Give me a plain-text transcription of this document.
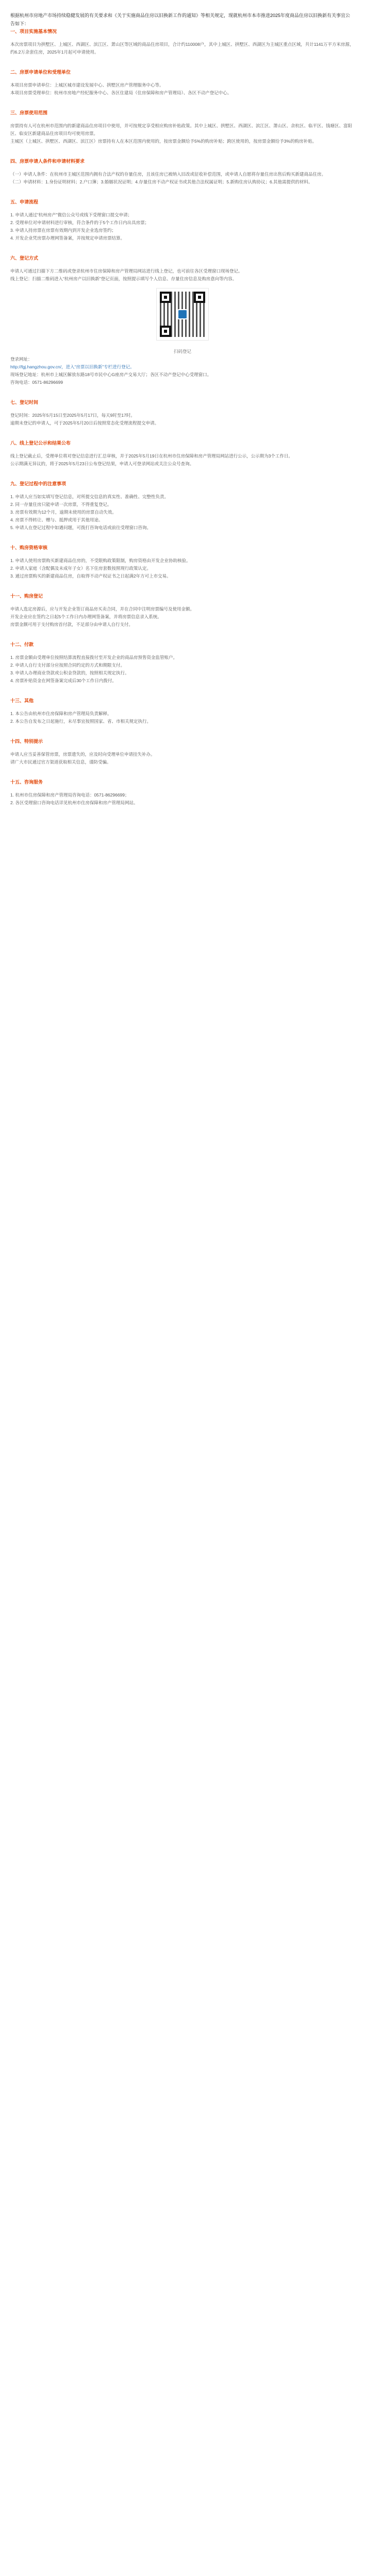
根据杭州市房地产市场持续稳健发展的有关要求和《关于实施商品住房以旧换新工作的通知》等相关规定，现就杭州市本市推进2025年度商品住房以旧换新有关事宜公告如下：

一、项目实施基本情况

本次房票项目为拱墅区、上城区、西湖区、滨江区、萧山区等区域的商品住房项目，合计约110008户，其中上城区、拱墅区、西湖区为主城区重点区域，共计1141万平方米房源，约6.2万余套住房，2025年1月起可申请使用。

二、房票申请单位和受理单位

本项目房票申请单位：上城区城市建设发展中心、拱墅区房产管理服务中心等。

本项目房票受理单位：杭州市房地产经纪服务中心、各区住建局（住房保障和房产管理局）、各区不动产登记中心。

三、房票使用范围

房票持有人可在杭州市范围内的新建商品住房项目中使用，并可按规定享受相应购房补贴政策。其中上城区、拱墅区、西湖区、滨江区、萧山区、余杭区、临平区、钱塘区、富阳区、临安区新建商品住房项目均可使用房票。

主城区（上城区、拱墅区、西湖区、滨江区）房票持有人在本区范围内使用的，按房票金额给予5%的购房补贴；跨区使用的，按房票金额给予3%的购房补贴。

四、房票申请人条件和申请材料要求

（一）申请人条件：在杭州市主城区范围内拥有合法产权的存量住房，且该住房已被纳入旧改或征收补偿范围，或申请人自愿将存量住房出售后购买新建商品住房。

（二）申请材料：1.身份证明材料；2.户口簿；3.婚姻状况证明；4.存量住房不动产权证书或其他合法权属证明；5.新购住房认购协议；6.其他需提供的材料。

五、申请流程

1. 申请人通过“杭州房产”微信公众号或线下受理窗口提交申请；

2. 受理单位对申请材料进行审核，符合条件的于5个工作日内出具房票；

3. 申请人持房票在房票有效期内到开发企业选房签约；

4. 开发企业凭房票办理网签备案，并按规定申请房票结算。

六、登记方式

申请人可通过扫描下方二维码或登录杭州市住房保障和房产管理局网站进行线上登记，也可前往各区受理窗口现场登记。

线上登记：扫描二维码进入“杭州房产以旧换新”登记页面，按照提示填写个人信息、存量住房信息及购房意向等内容。

扫码登记

登录网址：

http://fgj.hangzhou.gov.cn/，进入“房票以旧换新”专栏进行登记。

现场登记地址：杭州市上城区解放东路18号市民中心G座房产交易大厅；各区不动产登记中心受理窗口。

咨询电话：0571-86296699

七、登记时间

登记时间：2025年5月15日至2025年5月17日，每天9时至17时。

逾期未登记的申请人，可于2025年5月20日后按照常态化受理流程提交申请。

八、线上登记公示和结果公布

线上登记截止后，受理单位将对登记信息进行汇总审核，并于2025年5月19日在杭州市住房保障和房产管理局网站进行公示，公示期为3个工作日。

公示期满无异议的，将于2025年5月23日公布登记结果，申请人可登录网站或关注公众号查询。

九、登记过程中的注意事项

1. 申请人应当如实填写登记信息，对所提交信息的真实性、准确性、完整性负责。

2. 同一存量住房只能申请一次房票，不得重复登记。

3. 房票有效期为12个月，逾期未使用的房票自动失效。

4. 房票不得转让、赠与、抵押或用于其他用途。

5. 申请人在登记过程中如遇问题，可拨打咨询电话或前往受理窗口咨询。

十、购房资格审核

1. 申请人使用房票购买新建商品住房的，不受限购政策限制，购房资格由开发企业协助核验。

2. 申请人家庭（含配偶及未成年子女）名下住房套数按照现行政策认定。

3. 通过房票购买的新建商品住房，自取得不动产权证书之日起满2年方可上市交易。

十一、购房登记

申请人选定房源后，应与开发企业签订商品房买卖合同，并在合同中注明房票编号及使用金额。

开发企业应在签约之日起5个工作日内办理网签备案，并将房票信息录入系统。

房票金额可用于支付购房首付款，不足部分由申请人自行支付。

十二、付款

1. 房票金额由受理单位按照结算流程直接拨付至开发企业的商品房预售资金监管账户。

2. 申请人自行支付部分应按照合同约定的方式和期限支付。

3. 申请人办理商业贷款或公积金贷款的，按照相关规定执行。

4. 房票补贴资金在网签备案完成后30个工作日内拨付。

十三、其他

1. 本公告由杭州市住房保障和房产管理局负责解释。

2. 本公告自发布之日起施行，未尽事宜按照国家、省、市相关规定执行。

十四、特别提示

申请人应当妥善保管房票，房票遗失的，应及时向受理单位申请挂失补办。

请广大市民通过官方渠道获取相关信息，谨防受骗。

十五、咨询服务

1. 杭州市住房保障和房产管理局咨询电话：0571-86296699；

2. 各区受理窗口咨询电话详见杭州市住房保障和房产管理局网站。
